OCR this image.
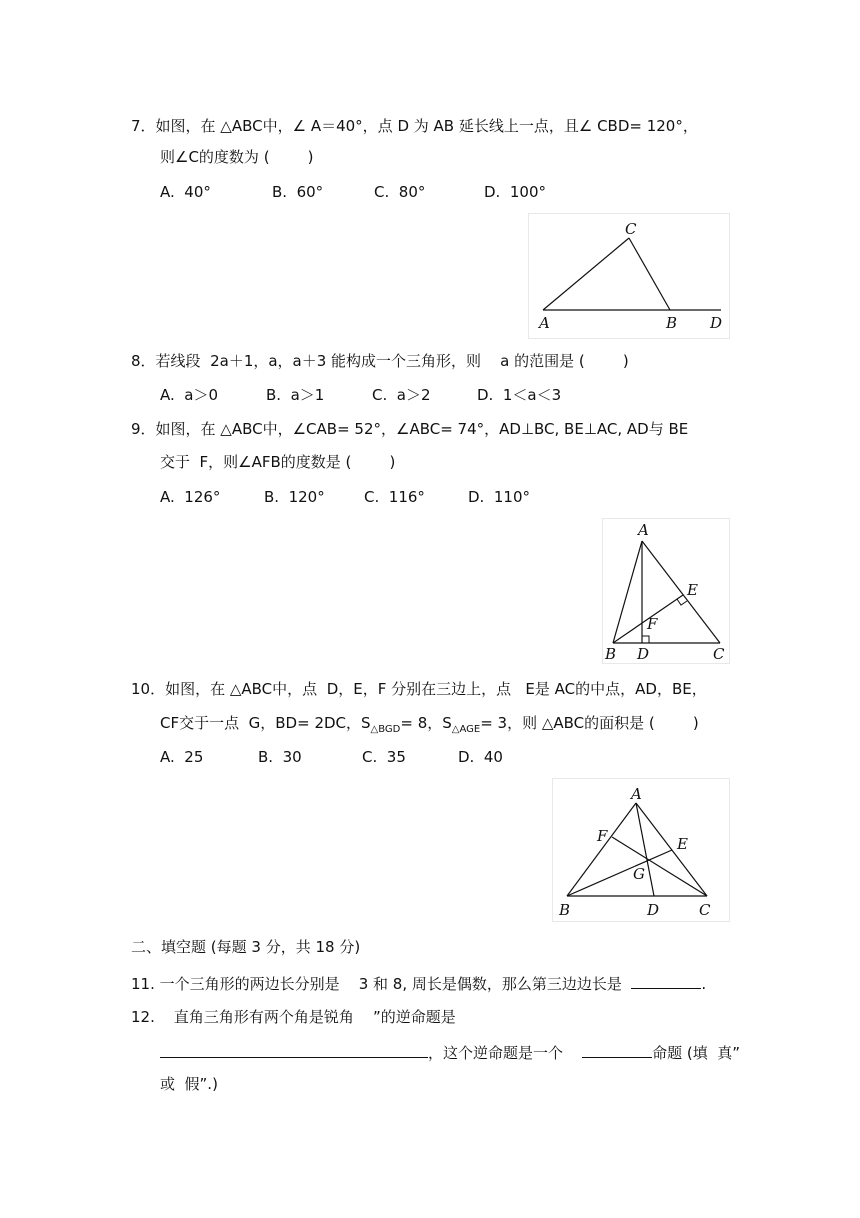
7．如图，在 △ABC中，∠ A＝40°，点 D 为 AB 延长线上一点，且∠ CBD= 120°，
则∠C的度数为 (        )
A.  40°	B.  60°	C.  80°	D.  100°
C
A	B D
8．若线段  2a＋1，a，a＋3 能构成一个三角形，则    a 的范围是 (        )
A.  a＞0	B.  a＞1	C.  a＞2	D.  1＜a＜3
9．如图，在 △ABC中，∠CAB= 52°，∠ABC= 74°，AD⊥BC, BE⊥AC, AD与 BE
交于  F，则∠AFB的度数是 (        )
A.  126°	B.  120°	C.  116°	D.  110°
A
E
F
B D	C
10．如图，在 △ABC中，点  D，E，F 分别在三边上，点   E是 AC的中点，AD，BE，
CF交于一点  G，BD= 2DC，$S_{\triangle BGD}= 8$，$S_{\triangle AGE}= 3$，则 △ABC的面积是 (        )
A.  25	B.  30	C.  35	D.  40
A
F	E
G
B	D	C
二、填空题 (每题 3 分，共 18 分)
11. 一个三角形的两边长分别是    3 和 8, 周长是偶数，那么第三边边长是	.
12.    直角三角形有两个角是锐角    ”的逆命题是
，这个逆命题是一个	命题 (填  真”
或  假”.)
